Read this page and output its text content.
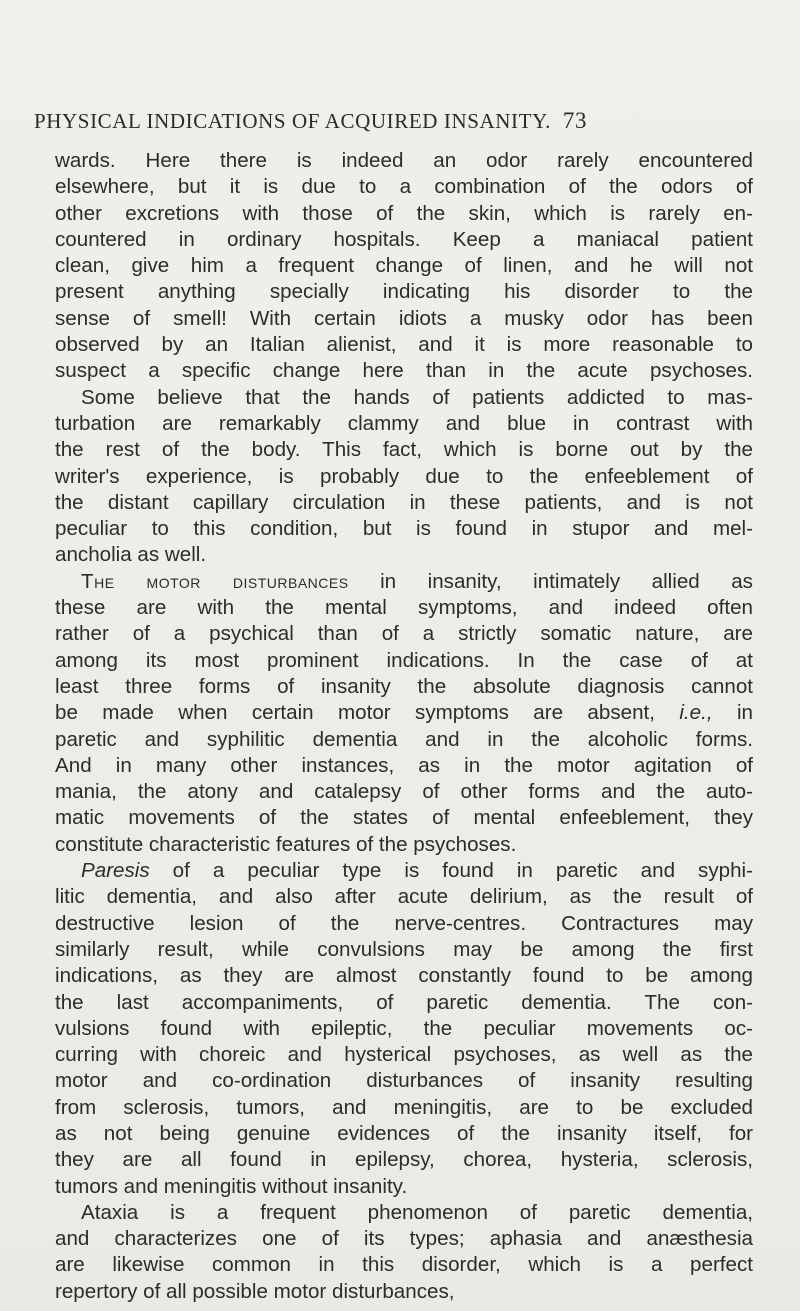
PHYSICAL INDICATIONS OF ACQUIRED INSANITY. 73
wards. Here there is indeed an odor rarely encountered
elsewhere, but it is due to a combination of the odors of
other excretions with those of the skin, which is rarely en-
countered in ordinary hospitals. Keep a maniacal patient
clean, give him a frequent change of linen, and he will not
present anything specially indicating his disorder to the
sense of smell! With certain idiots a musky odor has been
observed by an Italian alienist, and it is more reasonable to
suspect a specific change here than in the acute psychoses.
Some believe that the hands of patients addicted to mas-
turbation are remarkably clammy and blue in contrast with
the rest of the body. This fact, which is borne out by the
writer's experience, is probably due to the enfeeblement of
the distant capillary circulation in these patients, and is not
peculiar to this condition, but is found in stupor and mel-
ancholia as well.
The motor disturbances in insanity, intimately allied as
these are with the mental symptoms, and indeed often
rather of a psychical than of a strictly somatic nature, are
among its most prominent indications. In the case of at
least three forms of insanity the absolute diagnosis cannot
be made when certain motor symptoms are absent, i.e., in
paretic and syphilitic dementia and in the alcoholic forms.
And in many other instances, as in the motor agitation of
mania, the atony and catalepsy of other forms and the auto-
matic movements of the states of mental enfeeblement, they
constitute characteristic features of the psychoses.
Paresis of a peculiar type is found in paretic and syphi-
litic dementia, and also after acute delirium, as the result of
destructive lesion of the nerve-centres. Contractures may
similarly result, while convulsions may be among the first
indications, as they are almost constantly found to be among
the last accompaniments, of paretic dementia. The con-
vulsions found with epileptic, the peculiar movements oc-
curring with choreic and hysterical psychoses, as well as the
motor and co-ordination disturbances of insanity resulting
from sclerosis, tumors, and meningitis, are to be excluded
as not being genuine evidences of the insanity itself, for
they are all found in epilepsy, chorea, hysteria, sclerosis,
tumors and meningitis without insanity.
Ataxia is a frequent phenomenon of paretic dementia,
and characterizes one of its types; aphasia and anæsthesia
are likewise common in this disorder, which is a perfect
repertory of all possible motor disturbances,
